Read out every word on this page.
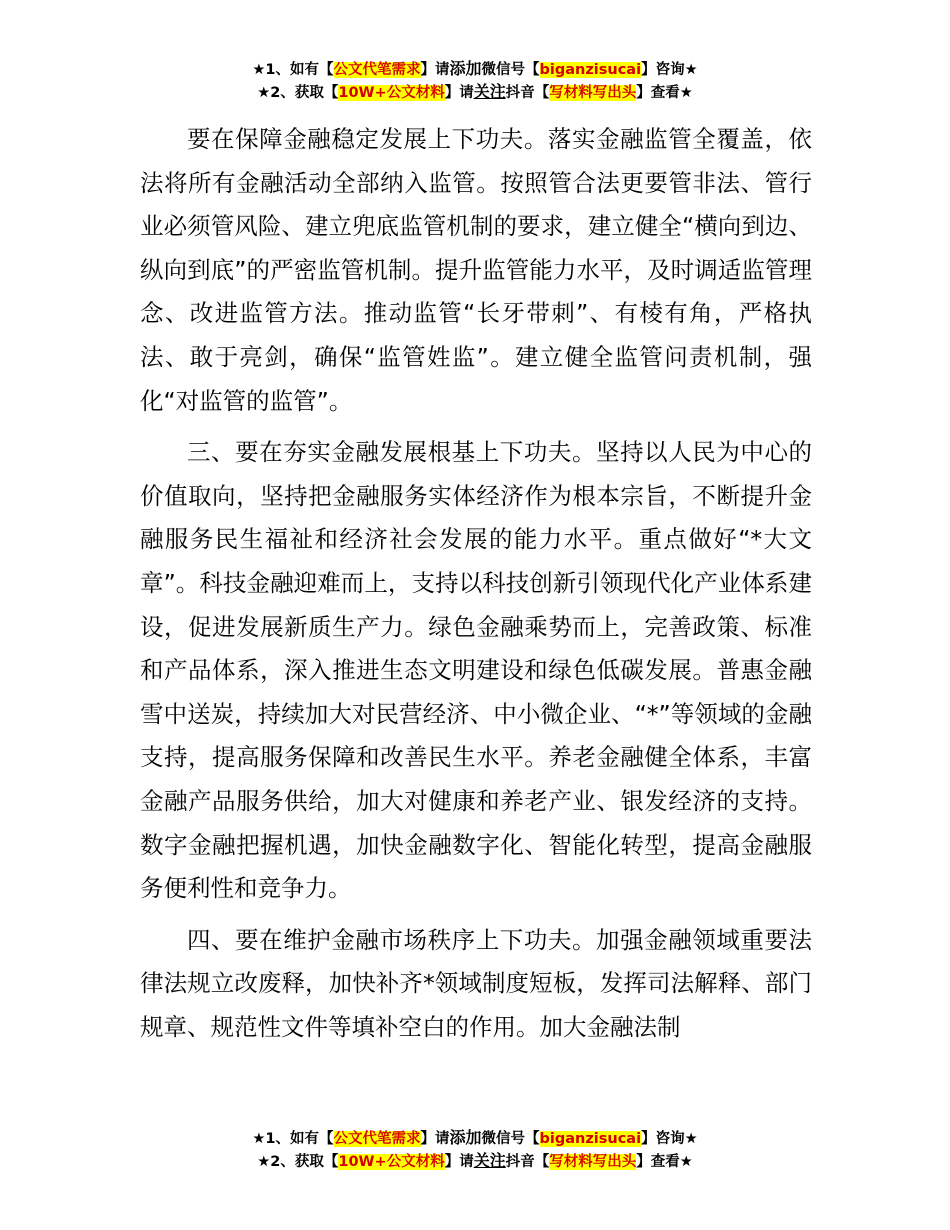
★1、如有【公文代笔需求】请添加微信号【biganzisucai】咨询★
★2、获取【10W+公文材料】请关注抖音【写材料写出头】查看★

要在保障金融稳定发展上下功夫。落实金融监管全覆盖，依法将所有金融活动全部纳入监管。按照管合法更要管非法、管行业必须管风险、建立兜底监管机制的要求，建立健全“横向到边、纵向到底”的严密监管机制。提升监管能力水平，及时调适监管理念、改进监管方法。推动监管“长牙带刺”、有棱有角，严格执法、敢于亮剑，确保“监管姓监”。建立健全监管问责机制，强化“对监管的监管”。

三、要在夯实金融发展根基上下功夫。坚持以人民为中心的价值取向，坚持把金融服务实体经济作为根本宗旨，不断提升金融服务民生福祉和经济社会发展的能力水平。重点做好“*大文章”。科技金融迎难而上，支持以科技创新引领现代化产业体系建设，促进发展新质生产力。绿色金融乘势而上，完善政策、标准和产品体系，深入推进生态文明建设和绿色低碳发展。普惠金融雪中送炭，持续加大对民营经济、中小微企业、“*”等领域的金融支持，提高服务保障和改善民生水平。养老金融健全体系，丰富金融产品服务供给，加大对健康和养老产业、银发经济的支持。数字金融把握机遇，加快金融数字化、智能化转型，提高金融服务便利性和竞争力。

四、要在维护金融市场秩序上下功夫。加强金融领域重要法律法规立改废释，加快补齐*领域制度短板，发挥司法解释、部门规章、规范性文件等填补空白的作用。加大金融法制

★1、如有【公文代笔需求】请添加微信号【biganzisucai】咨询★
★2、获取【10W+公文材料】请关注抖音【写材料写出头】查看★
